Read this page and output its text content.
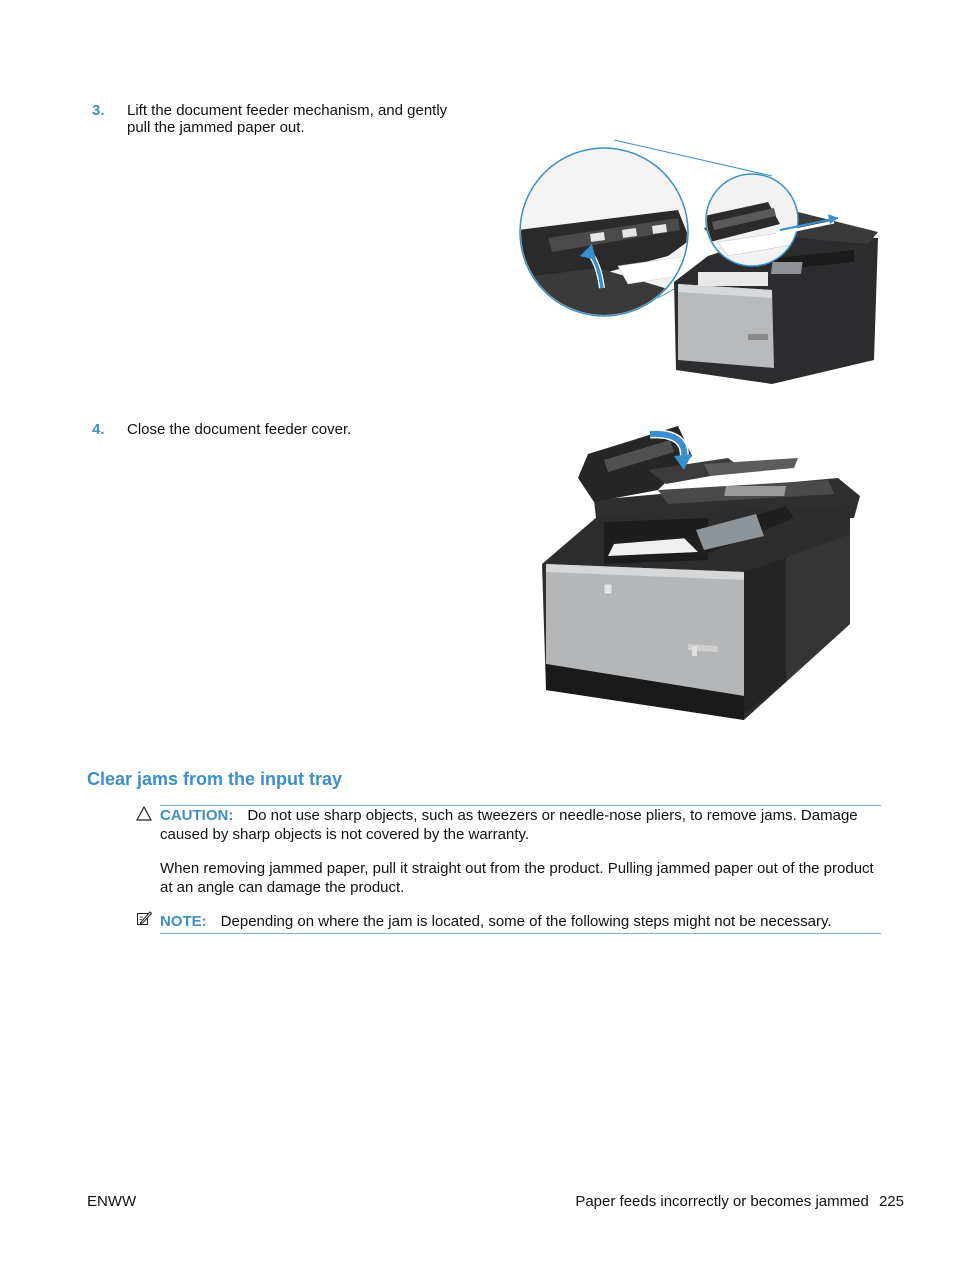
3.	Lift the document feeder mechanism, and gently pull the jammed paper out.
4.	Close the document feeder cover.
Clear jams from the input tray
CAUTION: Do not use sharp objects, such as tweezers or needle-nose pliers, to remove jams. Damage caused by sharp objects is not covered by the warranty.
When removing jammed paper, pull it straight out from the product. Pulling jammed paper out of the product at an angle can damage the product.
NOTE: Depending on where the jam is located, some of the following steps might not be necessary.
ENWW	Paper feeds incorrectly or becomes jammed 225
